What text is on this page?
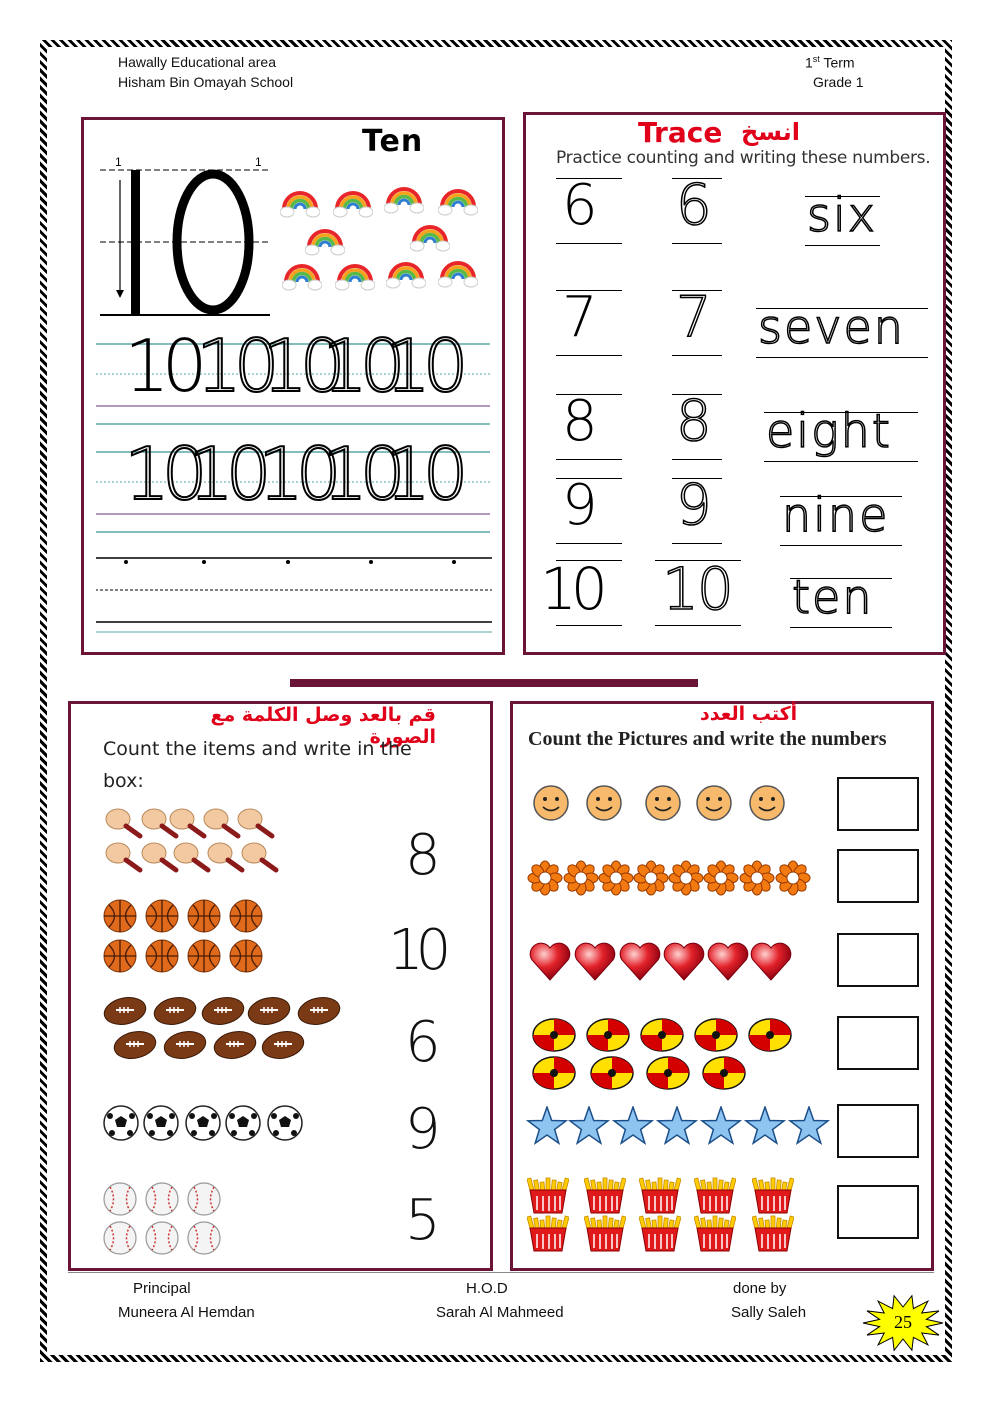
Hawally Educational area
Hisham Bin Omayah School
1st Term
Grade 1
Ten
1	1
10
10
10
10
10
10
10
10
10
10
Trace انسخ
Practice counting and writing these numbers.
6 6 six
7 7 seven
8 8 eight
9 9 nine
10 10 ten
قم بالعد وصل الكلمة مع الصورة
Count the items and write in the
box:
8
10
6
9
5
أكتب العدد
Count the Pictures and write the numbers
Principal
Muneera Al Hemdan
H.O.D
Sarah Al Mahmeed
done by
Sally Saleh	25
